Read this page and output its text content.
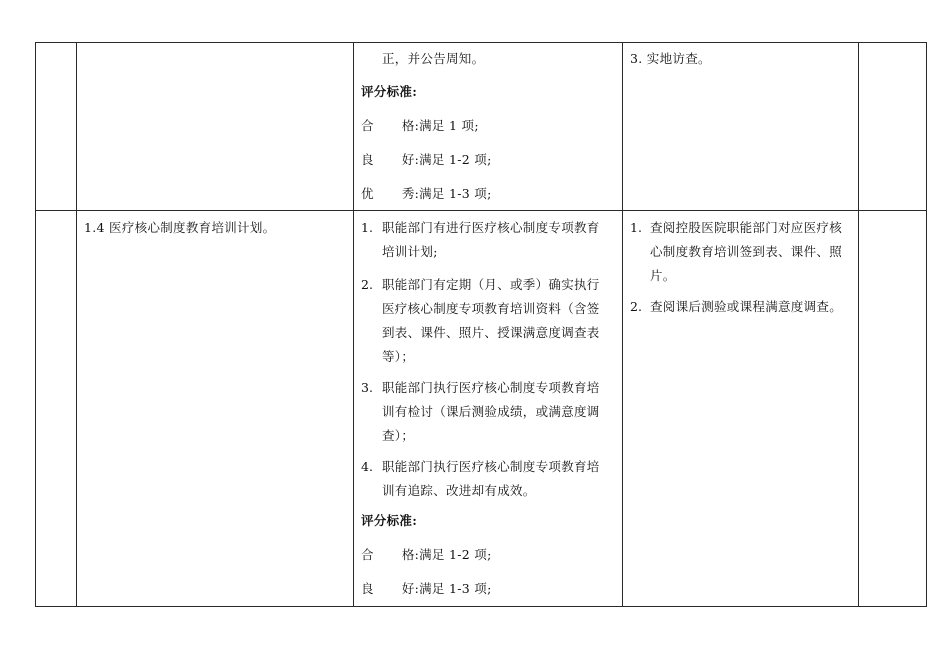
正，并公告周知。
评分标准:
合 格:满足 1 项;
良 好:满足 1-2 项;
优 秀:满足 1-3 项;
3. 实地访查。
1.4 医疗核心制度教育培训计划。	1. 职能部门有进行医疗核心制度专项教育
培训计划;
2. 职能部门有定期（月、或季）确实执行
医疗核心制度专项教育培训资料（含签
到表、课件、照片、授课满意度调查表
等）；
3. 职能部门执行医疗核心制度专项教育培
训有检讨（课后测验成绩，或满意度调
查）；
4. 职能部门执行医疗核心制度专项教育培
训有追踪、改进却有成效。
评分标准:
合 格:满足 1-2 项;
良 好:满足 1-3 项;
1. 查阅控股医院职能部门对应医疗核
心制度教育培训签到表、课件、照
片。
2. 查阅课后测验或课程满意度调查。
